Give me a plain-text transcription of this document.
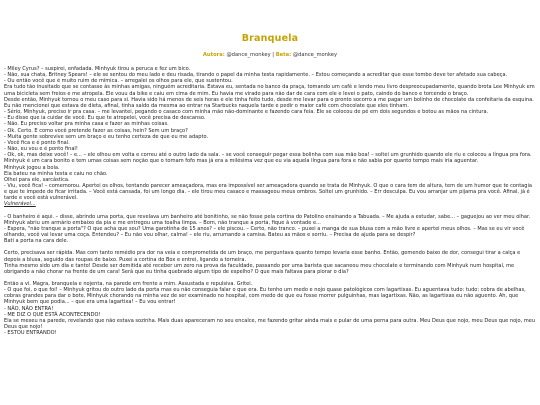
Branquela
Autora: @dance_monkey | Beta: @dance_monkey

- Miley Cyrus? – suspirei, enfadada. Minhyuk tirou a peruca e fez um bico.

- Não, sua chata, Britney Spears! – ele se sentou do meu lado e deu risada, tirando o papel da minha testa rapidamente. – Estou começando a acreditar que esse tombo deve ter afetado sua cabeça.

- Ou então você que é muito ruim de mímica. – arregalei os olhos para ele, que sustentou.

Era tudo tão inusitado que se contasse às minhas amigas, ninguém acreditaria. Estava eu, sentada no banco da praça, tomando um café e lendo meu livro despreocupadamente, quando brota Lee Minhyuk em uma bicicleta sem freios e me atropela. Ele vouu da bike e caiu em cima de mim. Eu havia me virado para não dar de cara com ele e levei o pato, caindo do banco e torcendo o braço.

Desde então, Minhyuk tornou o meu caso para si. Havia sido há menos de seis horas e ele tinha feito tudo, desde me levar para o pronto socorro a me pagar um bolinho de chocolate da confeitaria da esquina. Eu não mencionei que estava de dieta, afinal, tinha saído da mesma ao entrar na Starbucks naquela tarde e pedir o maior café com chocolate que eles tinham.

- Sério, Minhyuk, preciso ir pra casa. – me levantei, pegando o casaco com minha mão não-dominante e fazendo cara feia. Ele se colocou de pé em dois segundos e botou as mãos na cintura.

- Eu disse que ia cuidar de você. Eu que te atropelei, você precisa de descanso.

- Não. Eu preciso voltar pra minha casa e fazer as minhas coisas.

- Ok. Certo. E como você pretende fazer as coisas, hein? Sem um braço?

- Muita gente sobrevive sem um braço e eu tenho certeza de que eu me adapto.

- Você fica e é ponto final.

- Não, eu vou e é ponto final!

- Ok, ok, mas deixe você! – e... – ele olhou em volta e correu até o outro lado da sala. – se você conseguir pegar essa bolinha com sua mão boa! – soltei um grunhido quando ele riu e colocou a língua pra fora. Minhyuk é um cara bonito e tem umas coisas sem noção que o tornam fofo mas já era a milésima vez que eu via aquela língua para fora e não sabia por quanto tempo mais iria aguentar.

Minhyuk jogou a bola.

Ela bateu na minha testa e caiu no chão.

Olhei para ele, sarcástica.

- Viu, você fica! – comemorou. Apertei os olhos, tentando parecer ameaçadora, mas era impossível ser ameaçadora quando se trata de Minhyuk. O que o cara tem de altura, tem de um humor que te contagia e que te impede de ficar irritada. – Você está cansada, foi um longo dia. – ele tirou meu casaco e massageou meus ombros. Soltei um grunhido. – Err desculpa. Eu vou arranjar um pijama pra você. Afinal, já é tarde e você está vulnerável.

Vulnerável...

- O banheiro é aqui. – disse, abrindo uma porta, que revelava um banheiro até bonitinho, se não fosse pela cortina do Patolino ensinando a Tabuada. – Me ajuda a estudar, sabe... – gaguejou ao ver meu olhar. Minhyuk abriu um armário embaixo da pia e me entregou uma toalha limpa. – Bom, não tranque a porta, fique à vontade e...

- Espera, "não tranque a porta"? O que acha que sou? Uma garotinha de 15 anos? – ele piscou. – Certo, não tranco. – puxei a manga de sua blusa com a mão livre e apertei meus olhos. – Mas se eu vir você olhando, você vai levar uma coça. Entendeu? – Eu não vou olhar, calma! – ele riu, arrumando a camisa. Bateu as mãos e sorriu. – Precisa de ajuda para se despir?

Bati a porta na cara dele.

Certo, precisava ser rápida. Mas com tanto remédio pra dor na veia e comprometida de um braço, me perguntava quanto tempo levaria esse banho. Então, gemendo baixo de dor, consegui tirar a calça e depois a blusa, seguido das roupas de baixo. Puxei a cortina do Box e entrei, ligando a torneira.

Tinha mesmo sido um dia e tanto! Desde ser demitida até receber um zero na prova da faculdade, passando por uma barista que sacaneou meu chocolate e terminando com Minhyuk num hospital, me obrigando a não chorar na frente de um cara! Será que eu tinha quebrado algum tipo de espelho? O que mais faltava para piorar o dia?

Então a vi. Magra, branquela e nojenta, na parede em frente a mim. Assustada e repulsiva. Gritei.

- O que foi, o que foi! – Minhyuk gritou do outro lado da porta mas eu não conseguia falar o que era. Eu tenho um medo e nojo quase patológicos com lagartixas. Eu aguentava tudo: tudo: cobra de abelhas, cobras grandes para dar o bote, Minhyuk chorando na minha vez de ser examinado no hospital, com medo de que eu fosse morrer pulguinhas, mas lagartixas. Não, as lagartixas eu não aguento. Ah, que Minhyuk bem que podia... – que era uma lagartixa! – Eu vou entrar!

- NÃO, NÃO ENTRA!

- ME DIZ O QUE ESTÁ ACONTECENDO!

Ela se mexeu na parede, revelando que não estava sozinha. Mais duas apareceram no seu encalce, me fazendo gritar ainda mais e pular de uma perna para outra. Meu Deus que nojo, meu Deus que nojo, meu Deus que nojo!

- ESTOU ENTRANDO!
